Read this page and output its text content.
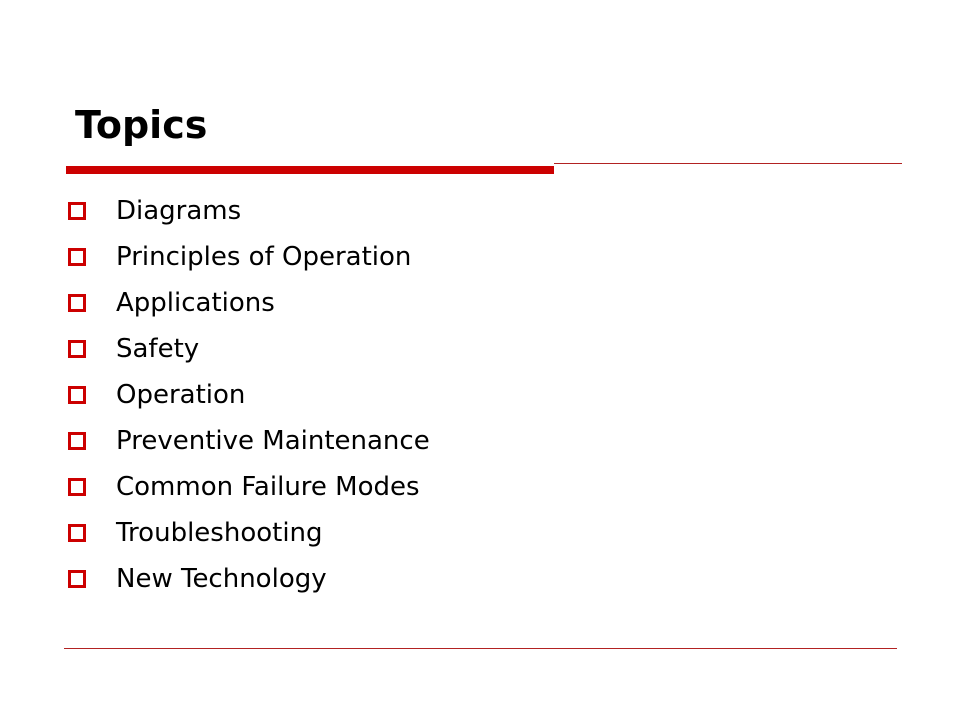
Topics
Diagrams
Principles of Operation
Applications
Safety
Operation
Preventive Maintenance
Common Failure Modes
Troubleshooting
New Technology
